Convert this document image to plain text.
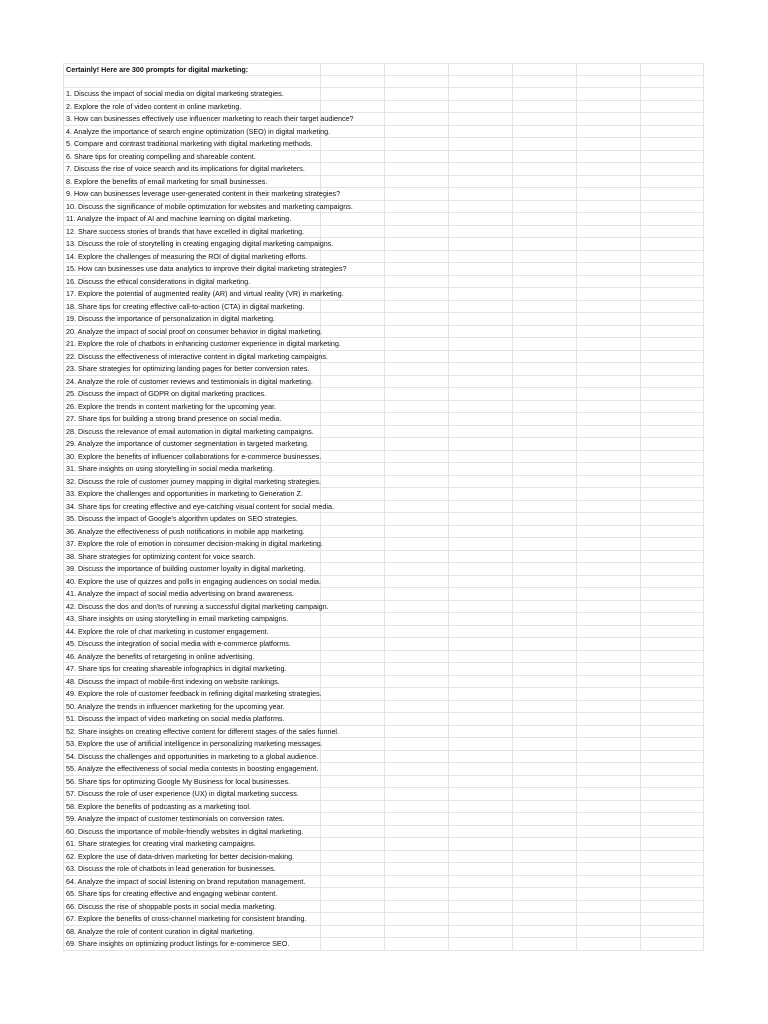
Certainly! Here are 300 prompts for digital marketing:
1. Discuss the impact of social media on digital marketing strategies.
2. Explore the role of video content in online marketing.
3. How can businesses effectively use influencer marketing to reach their target audience?
4. Analyze the importance of search engine optimization (SEO) in digital marketing.
5. Compare and contrast traditional marketing with digital marketing methods.
6. Share tips for creating compelling and shareable content.
7. Discuss the rise of voice search and its implications for digital marketers.
8. Explore the benefits of email marketing for small businesses.
9. How can businesses leverage user-generated content in their marketing strategies?
10. Discuss the significance of mobile optimization for websites and marketing campaigns.
11. Analyze the impact of AI and machine learning on digital marketing.
12. Share success stories of brands that have excelled in digital marketing.
13. Discuss the role of storytelling in creating engaging digital marketing campaigns.
14. Explore the challenges of measuring the ROI of digital marketing efforts.
15. How can businesses use data analytics to improve their digital marketing strategies?
16. Discuss the ethical considerations in digital marketing.
17. Explore the potential of augmented reality (AR) and virtual reality (VR) in marketing.
18. Share tips for creating effective call-to-action (CTA) in digital marketing.
19. Discuss the importance of personalization in digital marketing.
20. Analyze the impact of social proof on consumer behavior in digital marketing.
21. Explore the role of chatbots in enhancing customer experience in digital marketing.
22. Discuss the effectiveness of interactive content in digital marketing campaigns.
23. Share strategies for optimizing landing pages for better conversion rates.
24. Analyze the role of customer reviews and testimonials in digital marketing.
25. Discuss the impact of GDPR on digital marketing practices.
26. Explore the trends in content marketing for the upcoming year.
27. Share tips for building a strong brand presence on social media.
28. Discuss the relevance of email automation in digital marketing campaigns.
29. Analyze the importance of customer segmentation in targeted marketing.
30. Explore the benefits of influencer collaborations for e-commerce businesses.
31. Share insights on using storytelling in social media marketing.
32. Discuss the role of customer journey mapping in digital marketing strategies.
33. Explore the challenges and opportunities in marketing to Generation Z.
34. Share tips for creating effective and eye-catching visual content for social media.
35. Discuss the impact of Google's algorithm updates on SEO strategies.
36. Analyze the effectiveness of push notifications in mobile app marketing.
37. Explore the role of emotion in consumer decision-making in digital marketing.
38. Share strategies for optimizing content for voice search.
39. Discuss the importance of building customer loyalty in digital marketing.
40. Explore the use of quizzes and polls in engaging audiences on social media.
41. Analyze the impact of social media advertising on brand awareness.
42. Discuss the dos and don'ts of running a successful digital marketing campaign.
43. Share insights on using storytelling in email marketing campaigns.
44. Explore the role of chat marketing in customer engagement.
45. Discuss the integration of social media with e-commerce platforms.
46. Analyze the benefits of retargeting in online advertising.
47. Share tips for creating shareable infographics in digital marketing.
48. Discuss the impact of mobile-first indexing on website rankings.
49. Explore the role of customer feedback in refining digital marketing strategies.
50. Analyze the trends in influencer marketing for the upcoming year.
51. Discuss the impact of video marketing on social media platforms.
52. Share insights on creating effective content for different stages of the sales funnel.
53. Explore the use of artificial intelligence in personalizing marketing messages.
54. Discuss the challenges and opportunities in marketing to a global audience.
55. Analyze the effectiveness of social media contests in boosting engagement.
56. Share tips for optimizing Google My Business for local businesses.
57. Discuss the role of user experience (UX) in digital marketing success.
58. Explore the benefits of podcasting as a marketing tool.
59. Analyze the impact of customer testimonials on conversion rates.
60. Discuss the importance of mobile-friendly websites in digital marketing.
61. Share strategies for creating viral marketing campaigns.
62. Explore the use of data-driven marketing for better decision-making.
63. Discuss the role of chatbots in lead generation for businesses.
64. Analyze the impact of social listening on brand reputation management.
65. Share tips for creating effective and engaging webinar content.
66. Discuss the rise of shoppable posts in social media marketing.
67. Explore the benefits of cross-channel marketing for consistent branding.
68. Analyze the role of content curation in digital marketing.
69. Share insights on optimizing product listings for e-commerce SEO.
